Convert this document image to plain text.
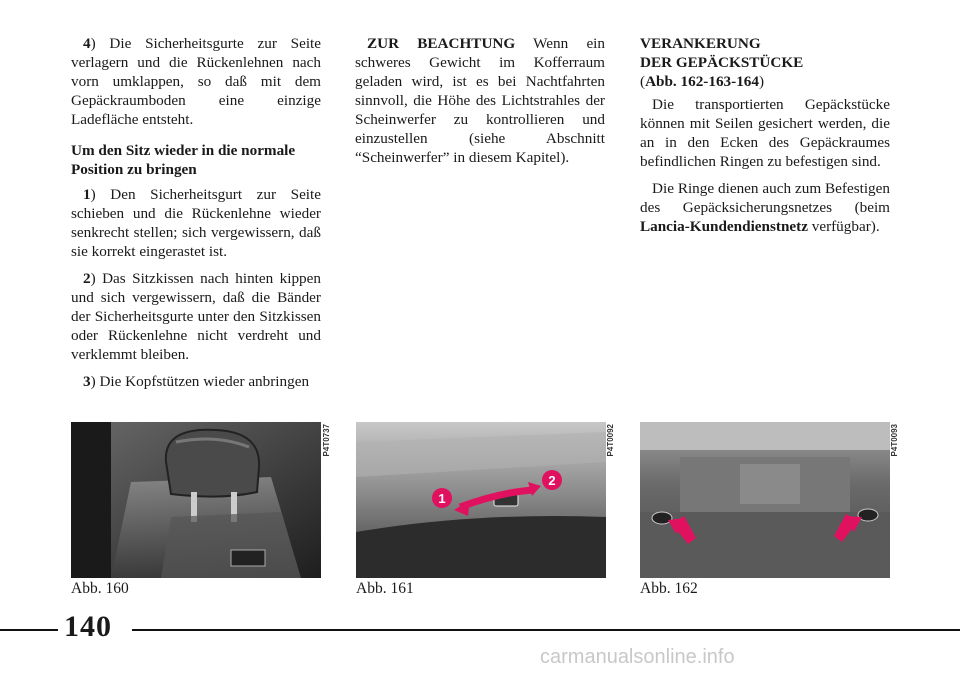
4) Die Sicherheitsgurte zur Seite verlagern und die Rückenlehnen nach vorn umklappen, so daß mit dem Gepäckraumboden eine einzige Ladefläche entsteht.

Um den Sitz wieder in die normale Position zu bringen

1) Den Sicherheitsgurt zur Seite schieben und die Rückenlehne wieder senkrecht stellen; sich vergewissern, daß sie korrekt eingerastet ist.

2) Das Sitzkissen nach hinten kippen und sich vergewissern, daß die Bänder der Sicherheitsgurte unter den Sitzkissen oder Rückenlehne nicht verdreht und verklemmt bleiben.

3) Die Kopfstützen wieder anbringen

ZUR BEACHTUNG Wenn ein schweres Gewicht im Kofferraum geladen wird, ist es bei Nachtfahrten sinnvoll, die Höhe des Lichtstrahles der Scheinwerfer zu kontrollieren und einzustellen (siehe Abschnitt “Scheinwerfer” in diesem Kapitel).

VERANKERUNG
DER GEPÄCKSTÜCKE
(Abb. 162-163-164)

Die transportierten Gepäckstücke können mit Seilen gesichert werden, die an in den Ecken des Gepäckraumes befindlichen Ringen zu befestigen sind.

Die Ringe dienen auch zum Befestigen des Gepäcksicherungsnetzes (beim Lancia-Kundendienstnetz verfügbar).

P4T0737
1
2
P4T0092	P4T0093
Abb. 160	Abb. 161	Abb. 162
140
carmanualsonline.info
